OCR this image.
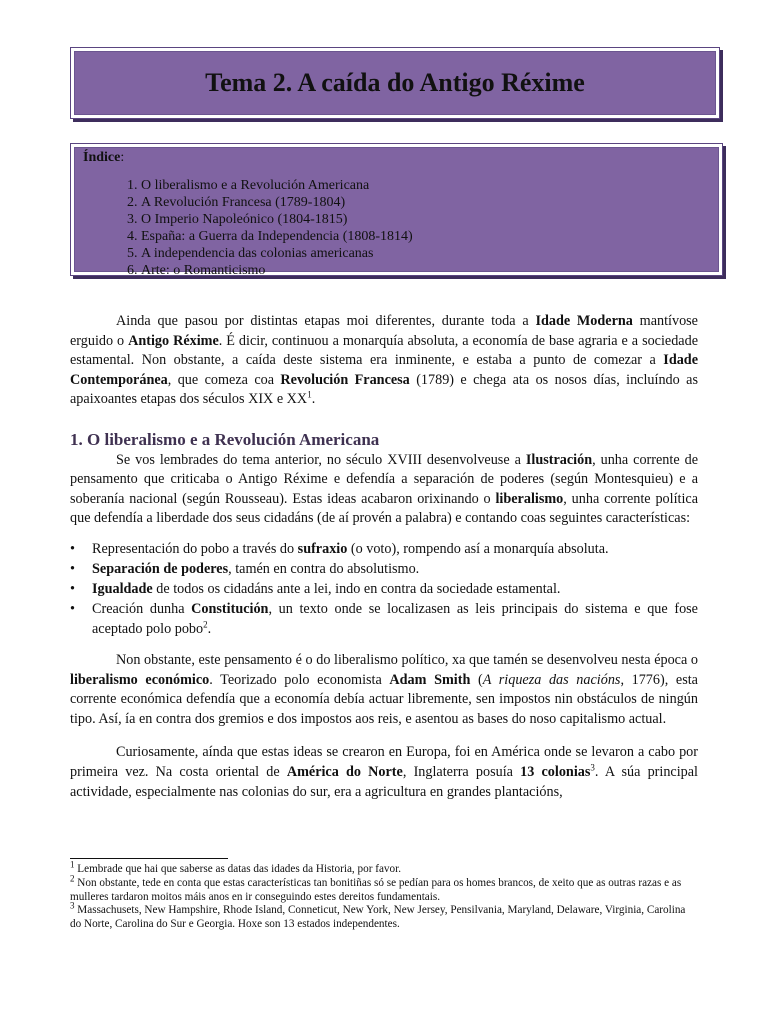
Tema 2. A caída do Antigo Réxime

Índice:

1. O liberalismo e a Revolución Americana
2. A Revolución Francesa (1789-1804)
3. O Imperio Napoleónico (1804-1815)
4. España: a Guerra da Independencia (1808-1814)
5. A independencia das colonias americanas
6. Arte: o Romanticismo

Ainda que pasou por distintas etapas moi diferentes, durante toda a Idade Moderna mantívose erguido o Antigo Réxime. É dicir, continuou a monarquía absoluta, a economía de base agraria e a sociedade estamental. Non obstante, a caída deste sistema era inminente, e estaba a punto de comezar a Idade Contemporánea, que comeza coa Revolución Francesa (1789) e chega ata os nosos días, incluíndo as apaixoantes etapas dos séculos XIX e $XX^1$.

1. O liberalismo e a Revolución Americana

Se vos lembrades do tema anterior, no século XVIII desenvolveuse a Ilustración, unha corrente de pensamento que criticaba o Antigo Réxime e defendía a separación de poderes (según Montesquieu) e a soberanía nacional (según Rousseau). Estas ideas acabaron orixinando o liberalismo, unha corrente política que defendía a liberdade dos seus cidadáns (de aí provén a palabra) e contando coas seguintes características:

• Representación do pobo a través do sufraxio (o voto), rompendo así a monarquía absoluta.
• Separación de poderes, tamén en contra do absolutismo.
• Igualdade de todos os cidadáns ante a lei, indo en contra da sociedade estamental.
• Creación dunha Constitución, un texto onde se localizasen as leis principais do sistema e que fose aceptado polo pobo$^2$.

Non obstante, este pensamento é o do liberalismo político, xa que tamén se desenvolveu nesta época o liberalismo económico. Teorizado polo economista Adam Smith (A riqueza das nacións, 1776), esta corrente económica defendía que a economía debía actuar libremente, sen impostos nin obstáculos de ningún tipo. Así, ía en contra dos gremios e dos impostos aos reis, e asentou as bases do noso capitalismo actual.

Curiosamente, aínda que estas ideas se crearon en Europa, foi en América onde se levaron a cabo por primeira vez. Na costa oriental de América do Norte, Inglaterra posuía 13 colonias$^3$. A súa principal actividade, especialmente nas colonias do sur, era a agricultura en grandes plantacións,

$^1$ Lembrade que hai que saberse as datas das idades da Historia, por favor.

$^2$ Non obstante, tede en conta que estas características tan bonitiñas só se pedían para os homes brancos, de xeito que as outras razas e as mulleres tardaron moitos máis anos en ir conseguindo estes dereitos fundamentais.

$^3$ Massachusets, New Hampshire, Rhode Island, Conneticut, New York, New Jersey, Pensilvania, Maryland, Delaware, Virginia, Carolina do Norte, Carolina do Sur e Georgia. Hoxe son 13 estados independentes.
